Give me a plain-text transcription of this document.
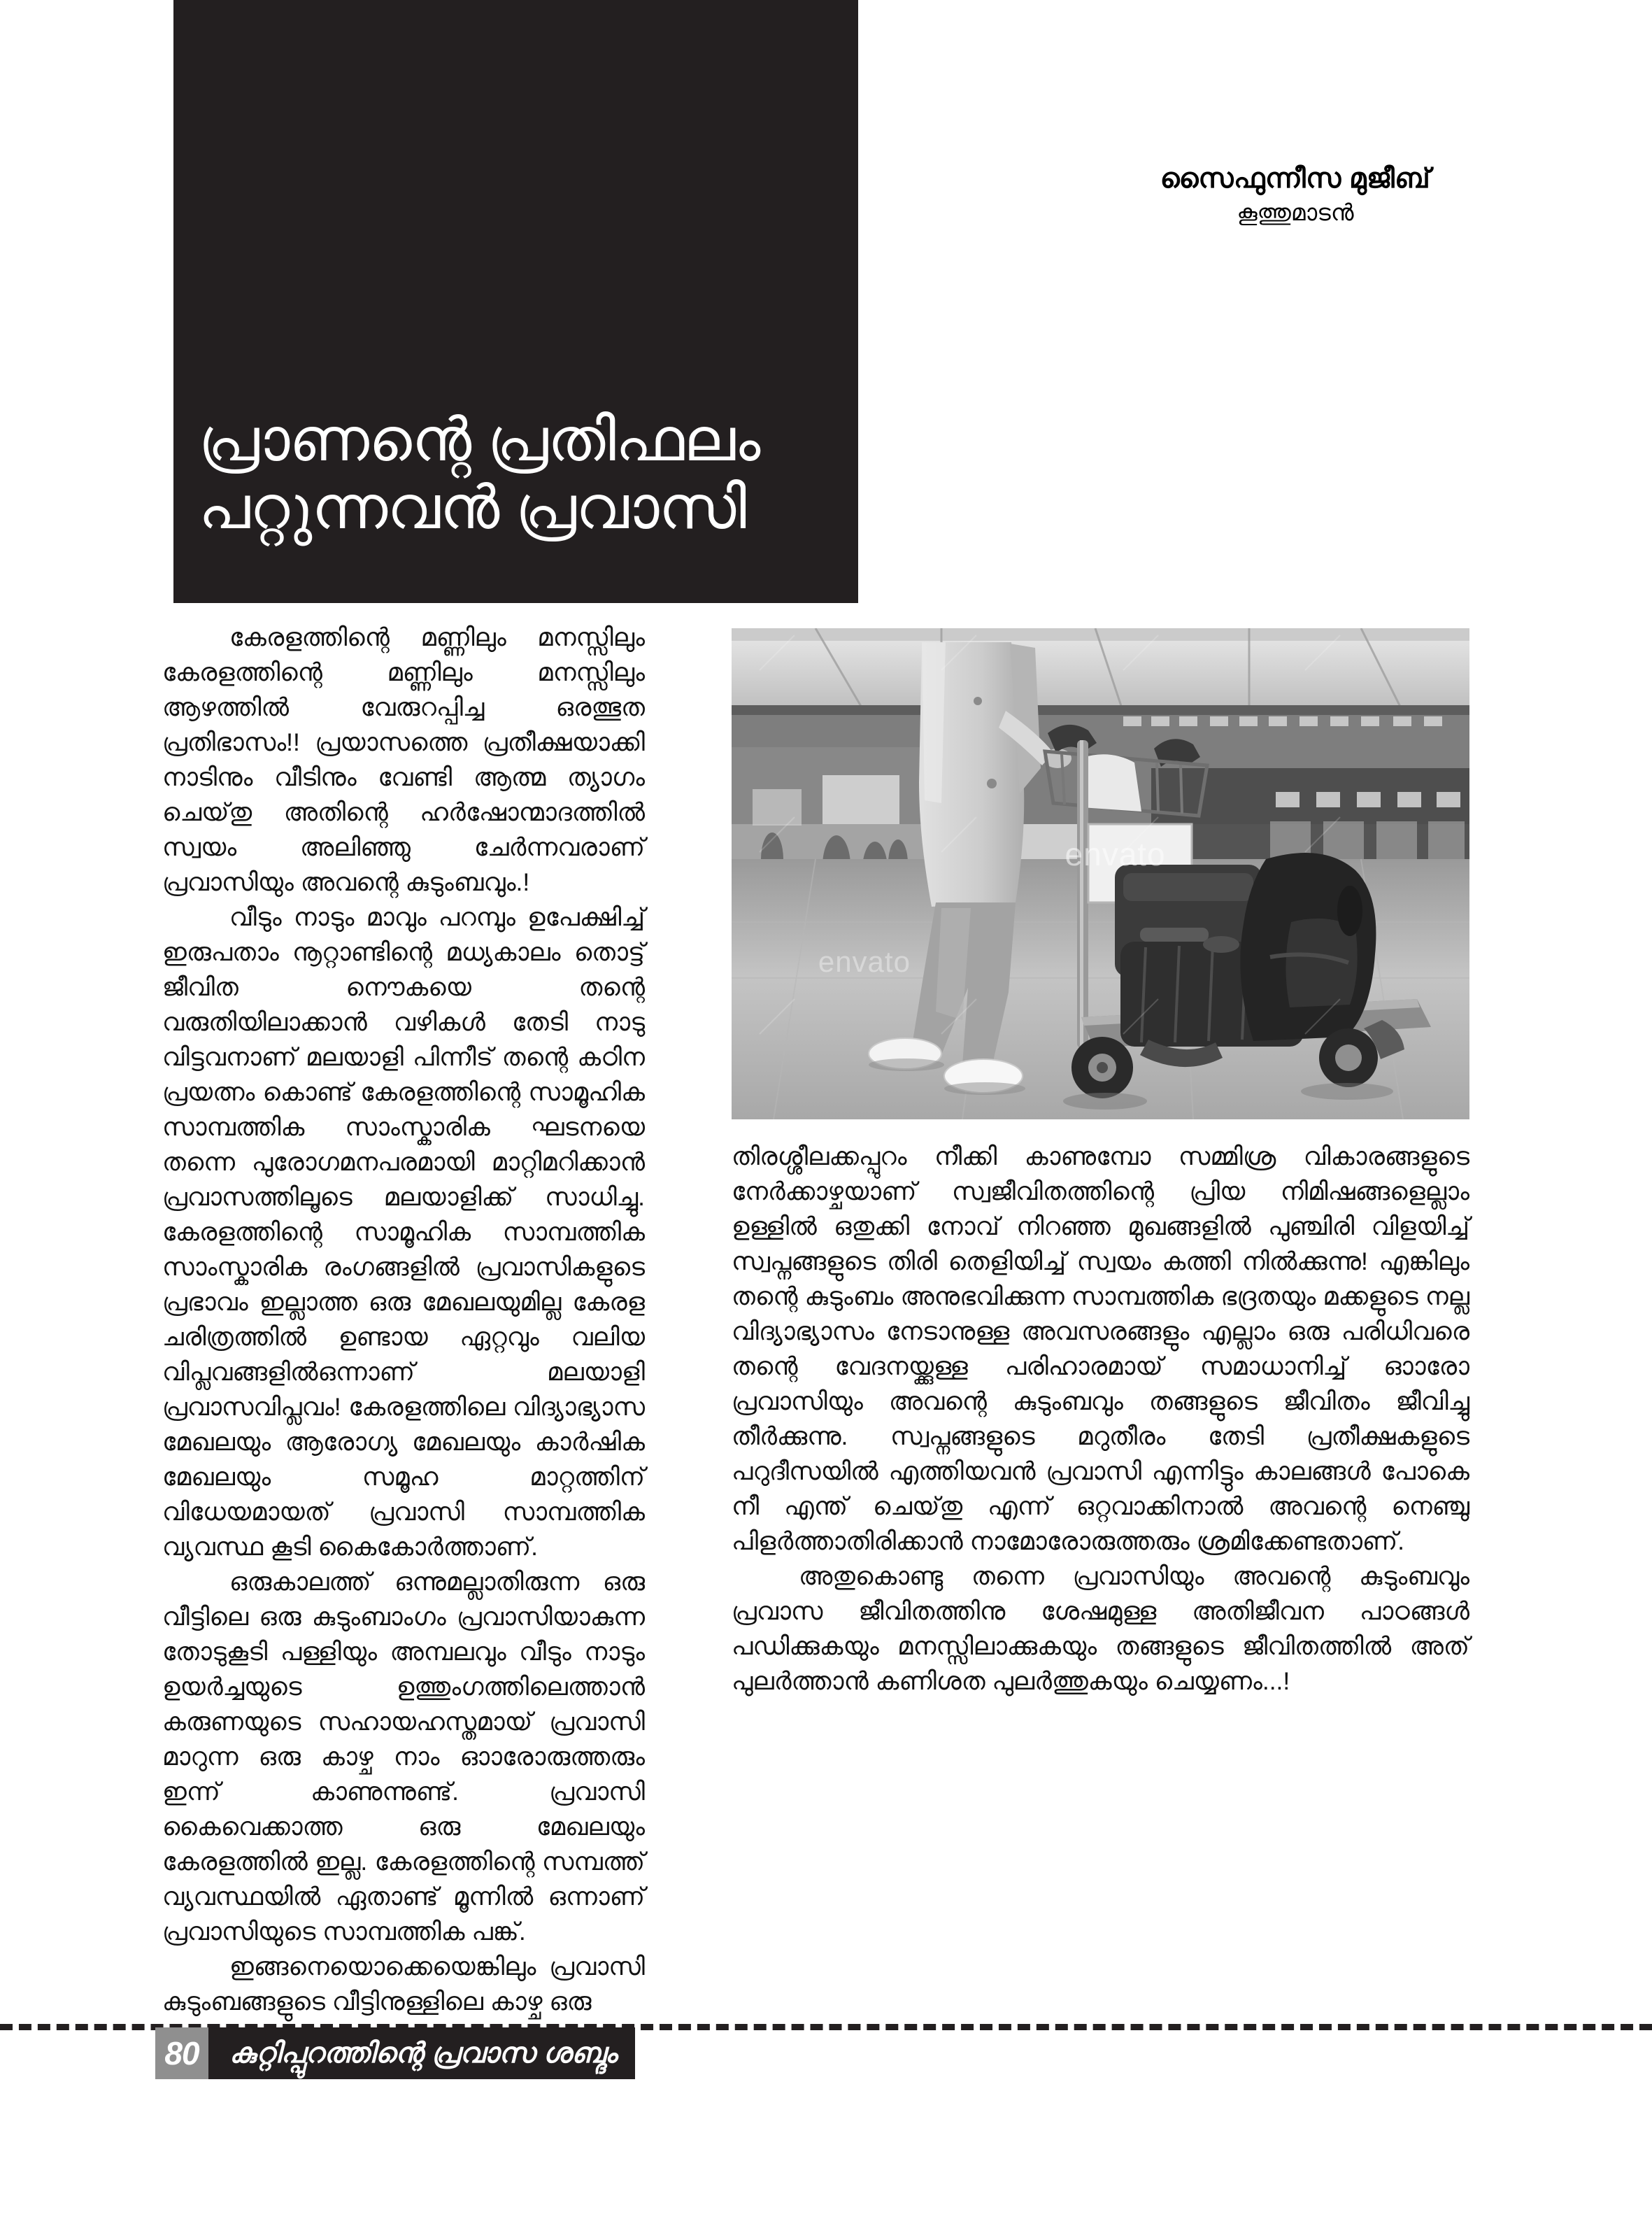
പ്രാണന്റെ പ്രതിഫലം
പറ്റുന്നവൻ പ്രവാസി
സൈഫുന്നീസ മുജീബ്
കൂത്തുമാടൻ
envato
envato

കേരളത്തിന്റെ മണ്ണിലും മനസ്സിലും കേരളത്തിന്റെ മണ്ണിലും മനസ്സിലും ആഴത്തിൽ വേരുറപ്പിച്ച ഒരത്ഭുത പ്രതിഭാസം!! പ്രയാസത്തെ പ്രതീക്ഷയാക്കി നാടിനും വീടിനും വേണ്ടി ആത്മ ത്യാഗം ചെയ്‌തു അതിന്റെ ഹർഷോന്മാദത്തിൽ സ്വയം അലിഞ്ഞു ചേർന്നവരാണ് പ്രവാസിയും അവന്റെ കുടുംബവും.!

വീടും നാടും മാവും പറമ്പും ഉപേക്ഷിച്ച് ഇരുപതാം നൂറ്റാണ്ടിന്റെ മധ്യകാലം തൊട്ട് ജീവിത നൌകയെ തന്റെ വരുതിയിലാക്കാൻ വഴികൾ തേടി നാടു വിട്ടവനാണ് മലയാളി പിന്നീട് തന്റെ കഠിന പ്രയത്നം കൊണ്ട് കേരളത്തിന്റെ സാമൂഹിക സാമ്പത്തിക സാംസ്കാരിക ഘടനയെ തന്നെ പുരോഗമനപരമായി മാറ്റിമറിക്കാൻ പ്രവാസത്തിലൂടെ മലയാളിക്ക് സാധിച്ചു. കേരളത്തിന്റെ സാമൂഹിക സാമ്പത്തിക സാംസ്കാരിക രംഗങ്ങളിൽ പ്രവാസികളുടെ പ്രഭാവം ഇല്ലാത്ത ഒരു മേഖലയുമില്ല കേരള ചരിത്രത്തിൽ ഉണ്ടായ ഏറ്റവും വലിയ വിപ്ലവങ്ങളിൽഒന്നാണ് മലയാളി പ്രവാസവിപ്ലവം! കേരളത്തിലെ വിദ്യാഭ്യാസ മേഖലയും ആരോഗ്യ മേഖലയും കാർഷിക മേഖലയും സമൂഹ മാറ്റത്തിന് വിധേയമായത് പ്രവാസി സാമ്പത്തിക വ്യവസ്ഥ കൂടി കൈകോർത്താണ്.

ഒരുകാലത്ത് ഒന്നുമല്ലാതിരുന്ന ഒരു വീട്ടിലെ ഒരു കുടുംബാംഗം പ്രവാസിയാകുന്ന തോടുകൂടി പള്ളിയും അമ്പലവും വീടും നാടും ഉയർച്ചയുടെ ഉത്തുംഗത്തിലെത്താൻ കരുണയുടെ സഹായഹസ്തമായ് പ്രവാസി മാറുന്ന ഒരു കാഴ്ച നാം ഓാരോരുത്തരും ഇന്ന് കാണുന്നുണ്ട്. പ്രവാസി കൈവെക്കാത്ത ഒരു മേഖലയും കേരളത്തിൽ ഇല്ല. കേരളത്തിന്റെ സമ്പത്ത് വ്യവസ്ഥയിൽ ഏതാണ്ട് മൂന്നിൽ ഒന്നാണ് പ്രവാസിയുടെ സാമ്പത്തിക പങ്ക്.

ഇങ്ങനെയൊക്കെയെങ്കിലും പ്രവാസി കുടുംബങ്ങളുടെ വീട്ടിനുള്ളിലെ കാഴ്ച ഒരു

തിരശ്ശീലക്കപ്പുറം നീക്കി കാണുമ്പോ സമ്മിശ്ര വികാരങ്ങളുടെ നേർക്കാഴ്ചയാണ് സ്വജീവിതത്തിന്റെ പ്രിയ നിമിഷങ്ങളെല്ലാം ഉള്ളിൽ ഒതുക്കി നോവ് നിറഞ്ഞ മുഖങ്ങളിൽ പുഞ്ചിരി വിളയിച്ച് സ്വപ്നങ്ങളുടെ തിരി തെളിയിച്ച് സ്വയം കത്തി നിൽക്കുന്നു! എങ്കിലും തന്റെ കുടുംബം അനുഭവിക്കുന്ന സാമ്പത്തിക ഭദ്രതയും മക്കളുടെ നല്ല വിദ്യാഭ്യാസം നേടാനുള്ള അവസരങ്ങളും എല്ലാം ഒരു പരിധിവരെ തന്റെ വേദനയ്ക്കുള്ള പരിഹാരമായ് സമാധാനിച്ച് ഓാരോ പ്രവാസിയും അവന്റെ കുടുംബവും തങ്ങളുടെ ജീവിതം ജീവിച്ചു തീർക്കുന്നു. സ്വപ്നങ്ങളുടെ മറുതീരം തേടി പ്രതീക്ഷകളുടെ പറുദീസയിൽ എത്തിയവൻ പ്രവാസി എന്നിട്ടും കാലങ്ങൾ പോകെ നീ എന്ത് ചെയ്‌തു എന്ന് ഒറ്റവാക്കിനാൽ അവന്റെ നെഞ്ചു പിളർത്താതിരിക്കാൻ നാമോരോരുത്തരും ശ്രമിക്കേണ്ടതാണ്.

അതുകൊണ്ടു തന്നെ പ്രവാസിയും അവന്റെ കുടുംബവും പ്രവാസ ജീവിതത്തിനു ശേഷമുള്ള അതിജീവന പാഠങ്ങൾ പഡിക്കുകയും മനസ്സിലാക്കുകയും തങ്ങളുടെ ജീവിതത്തിൽ അത് പുലർത്താൻ കണിശത പുലർത്തുകയും ചെയ്യണം...!

80	കുറ്റിപ്പുറത്തിന്റെ പ്രവാസ ശബ്ദം
